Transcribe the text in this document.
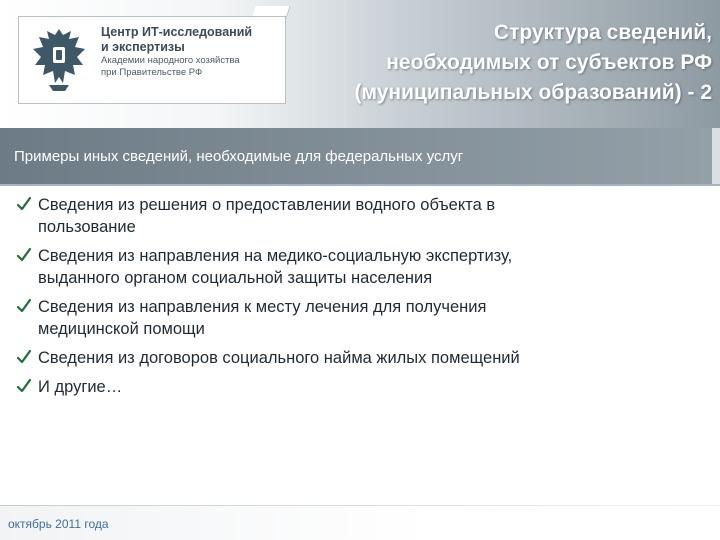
Центр ИТ-исследований
и экспертизы
Академии народного хозяйства
при Правительстве РФ
Структура сведений,
необходимых от субъектов РФ
(муниципальных образований) - 2
Примеры иных сведений, необходимые для федеральных услуг
Сведения из решения о предоставлении водного объекта в
пользование
Сведения из направления на медико-социальную экспертизу,
выданного органом социальной защиты населения
Сведения из направления к месту лечения для получения
медицинской помощи
Сведения из договоров социального найма жилых помещений
И другие…
октябрь 2011 года
